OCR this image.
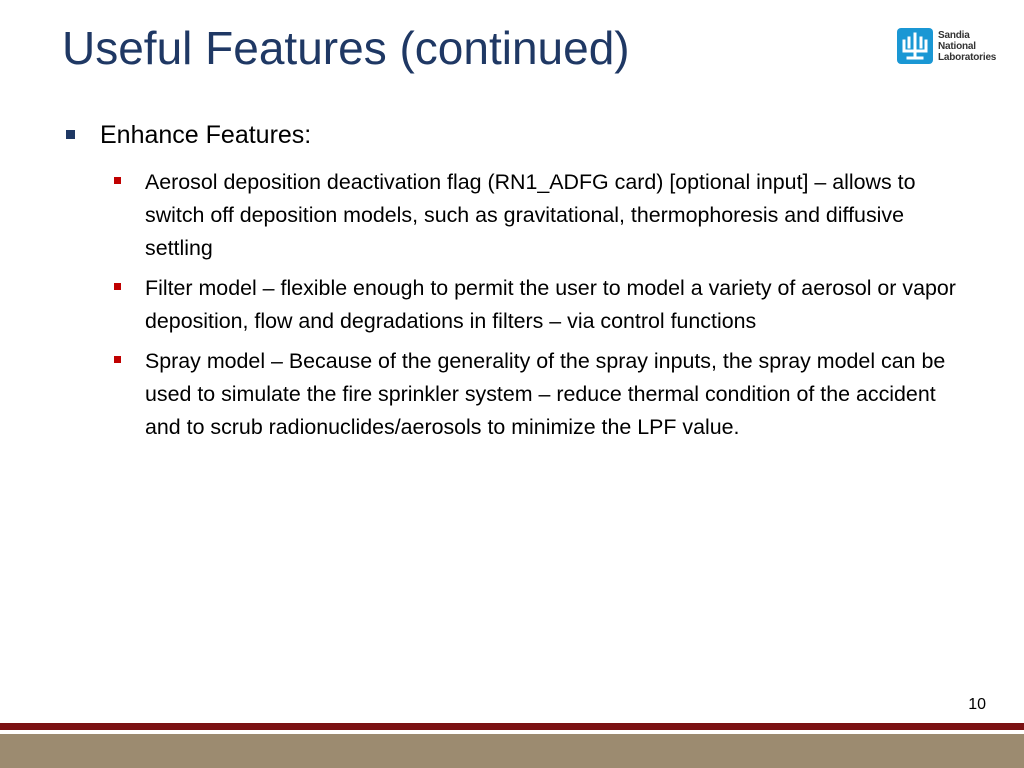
Useful Features (continued)	Sandia
National
Laboratories
Enhance Features:
Aerosol deposition deactivation flag (RN1_ADFG card) [optional input] – allows to switch off deposition models, such as gravitational, thermophoresis and diffusive settling
Filter model – flexible enough to permit the user to model a variety of aerosol or vapor deposition, flow and degradations in filters – via control functions
Spray model – Because of the generality of the spray inputs, the spray model can be used to simulate the fire sprinkler system – reduce thermal condition of the accident and to scrub radionuclides/aerosols to minimize the LPF value.
10
